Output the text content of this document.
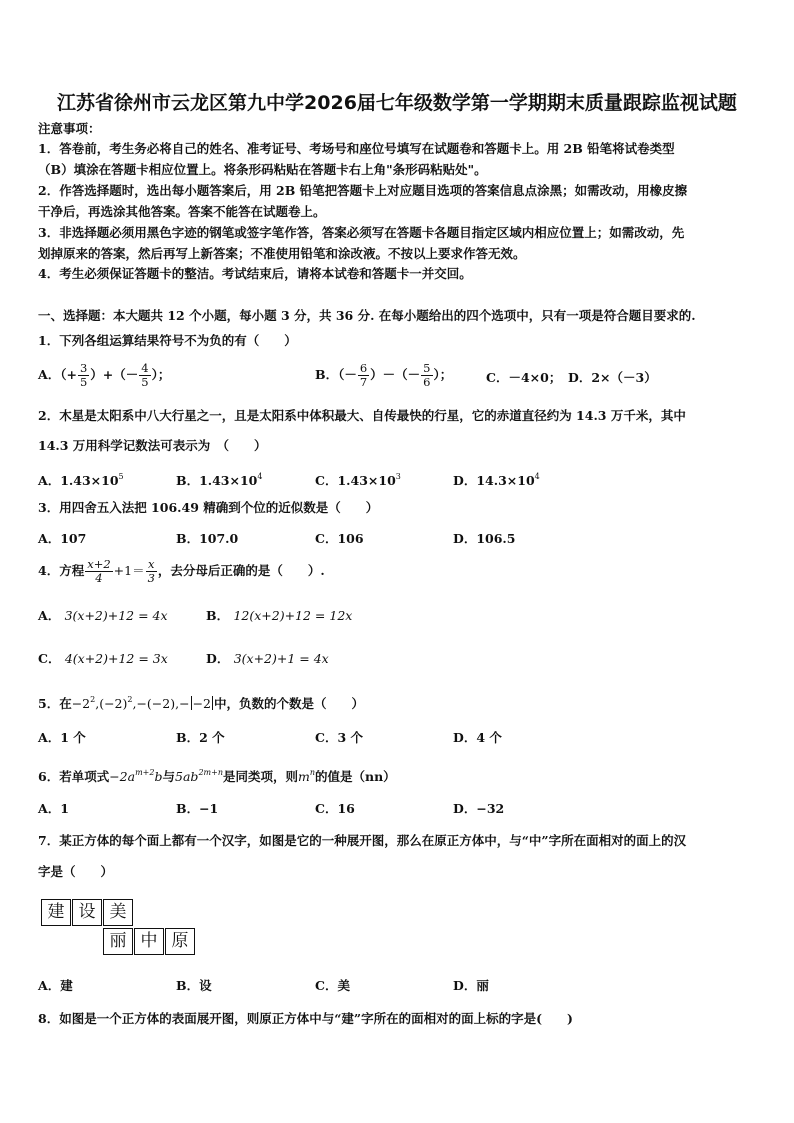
江苏省徐州市云龙区第九中学2026届七年级数学第一学期期末质量跟踪监视试题
注意事项：
1．答卷前，考生务必将自己的姓名、准考证号、考场号和座位号填写在试题卷和答题卡上。用 2B 铅笔将试卷类型
（B）填涂在答题卡相应位置上。将条形码粘贴在答题卡右上角"条形码粘贴处"。
2．作答选择题时，选出每小题答案后，用 2B 铅笔把答题卡上对应题目选项的答案信息点涂黑；如需改动，用橡皮擦
干净后，再选涂其他答案。答案不能答在试题卷上。
3．非选择题必须用黑色字迹的钢笔或签字笔作答，答案必须写在答题卡各题目指定区域内相应位置上；如需改动，先
划掉原来的答案，然后再写上新答案；不准使用铅笔和涂改液。不按以上要求作答无效。
4．考生必须保证答题卡的整洁。考试结束后，请将本试卷和答题卡一并交回。
一、选择题：本大题共 12 个小题，每小题 3 分，共 36 分. 在每小题给出的四个选项中，只有一项是符合题目要求的.
1．下列各组运算结果符号不为负的有（　　）
A．（+ $\frac{3}{5}$ ）+（－ $\frac{4}{5}$ ）；	B．（－ $\frac{6}{7}$ ）－（－ $\frac{5}{6}$ ）；	C．－4×0； D．2×（－3）
2．木星是太阳系中八大行星之一，且是太阳系中体积最大、自传最快的行星，它的赤道直径约为 14.3 万千米，其中
14.3 万用科学记数法可表示为　（　　）
A．$1.43\times 10^5$	B．$1.43\times 10^4$	C．$1.43\times 10^3$	D．$14.3\times 10^4$
3．用四舍五入法把 106.49 精确到个位的近似数是（　　）
A．107	B．107.0	C．106	D．106.5
4．方程 $\frac{x+2}{4} +1= \frac{x}{3}$ ，去分母后正确的是（　　）.
A． 3(x+2)+12 = 4x	B． 12(x+2)+12 = 12x
C． 4(x+2)+12 = 3x	D． 3(x+2)+1 = 4x
5．在$-2^2,(-2)^2,-(-2),- -2$ 中，负数的个数是（　　）
A．1 个	B．2 个	C．3 个	D．4 个
6．若单项式$-2a^{m+2}b$与$5ab^{2m+n}$是同类项，则$m^n$的值是（nn）
A．1	B．−1	C．16	D．−32
7．某正方体的每个面上都有一个汉字，如图是它的一种展开图，那么在原正方体中，与“中”字所在面相对的面上的汉
字是（　　）
建 设 美
丽 中 原
A．建	B．设	C．美	D．丽
8．如图是一个正方体的表面展开图，则原正方体中与“建”字所在的面相对的面上标的字是(　　)
